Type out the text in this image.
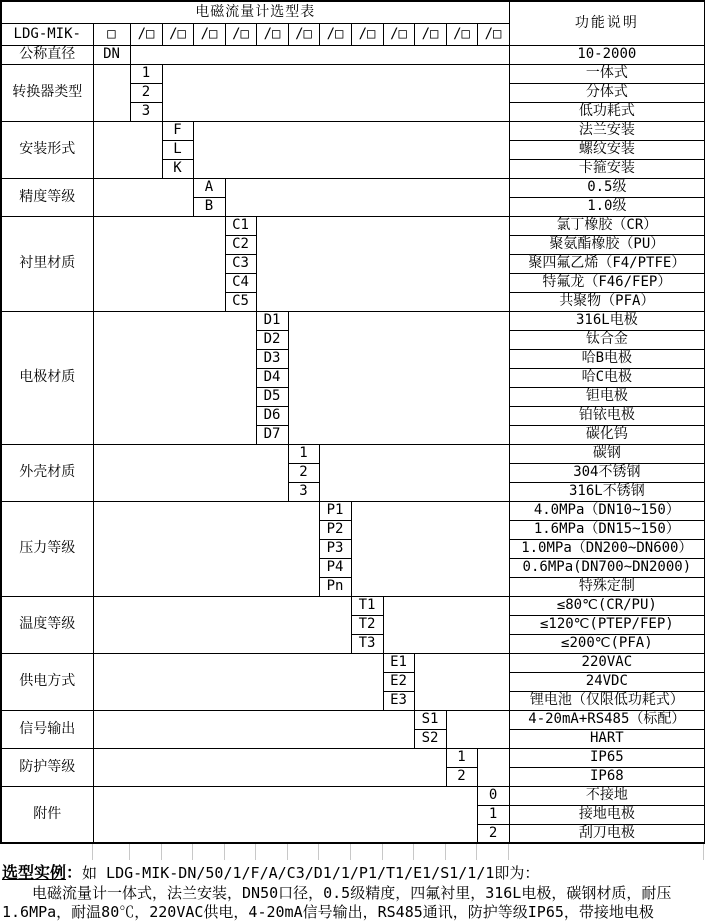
电磁流量计选型表														功能说明
LDG-MIK-	□	/□	/□	/□	/□	/□	/□	/□	/□	/□	/□	/□	/□	
公称直径	DN													10-2000
转换器类型		1												一体式
		2												分体式
		3												低功耗式
安装形式			F											法兰安装
			L											螺纹安装
			K											卡箍安装
精度等级				A										0.5级
				B										1.0级
衬里材质					C1									氯丁橡胶（CR）
					C2									聚氨酯橡胶（PU）
					C3									聚四氟乙烯（F4/PTFE）
					C4									特氟龙（F46/FEP）
					C5									共聚物（PFA）
电极材质						D1								316L电极
						D2								钛合金
						D3								哈B电极
						D4								哈C电极
						D5								钽电极
						D6								铂铱电极
						D7								碳化钨
外壳材质							1							碳钢
							2							304不锈钢
							3							316L不锈钢
压力等级								P1						4.0MPa（DN10~150）
								P2						1.6MPa（DN15~150）
								P3						1.0MPa（DN200~DN600）
								P4						0.6MPa(DN700~DN2000)
								Pn						特殊定制
温度等级									T1					≤80℃(CR/PU)
									T2					≤120℃(PTEP/FEP)
									T3					≤200℃(PFA)
供电方式										E1				220VAC
										E2				24VDC
										E3				锂电池（仅限低功耗式）
信号输出											S1			4-20mA+RS485（标配）
											S2			HART
防护等级												1		IP65
												2		IP68
附件													0	不接地
													1	接地电极
													2	刮刀电极
选型实例：如 LDG-MIK-DN/50/1/F/A/C3/D1/1/P1/T1/E1/S1/1/1即为：
电磁流量计一体式，法兰安装，DN50口径，0.5级精度，四氟衬里，316L电极，碳钢材质，耐压
1.6MPa，耐温80℃，220VAC供电，4-20mA信号输出，RS485通讯，防护等级IP65，带接地电极
